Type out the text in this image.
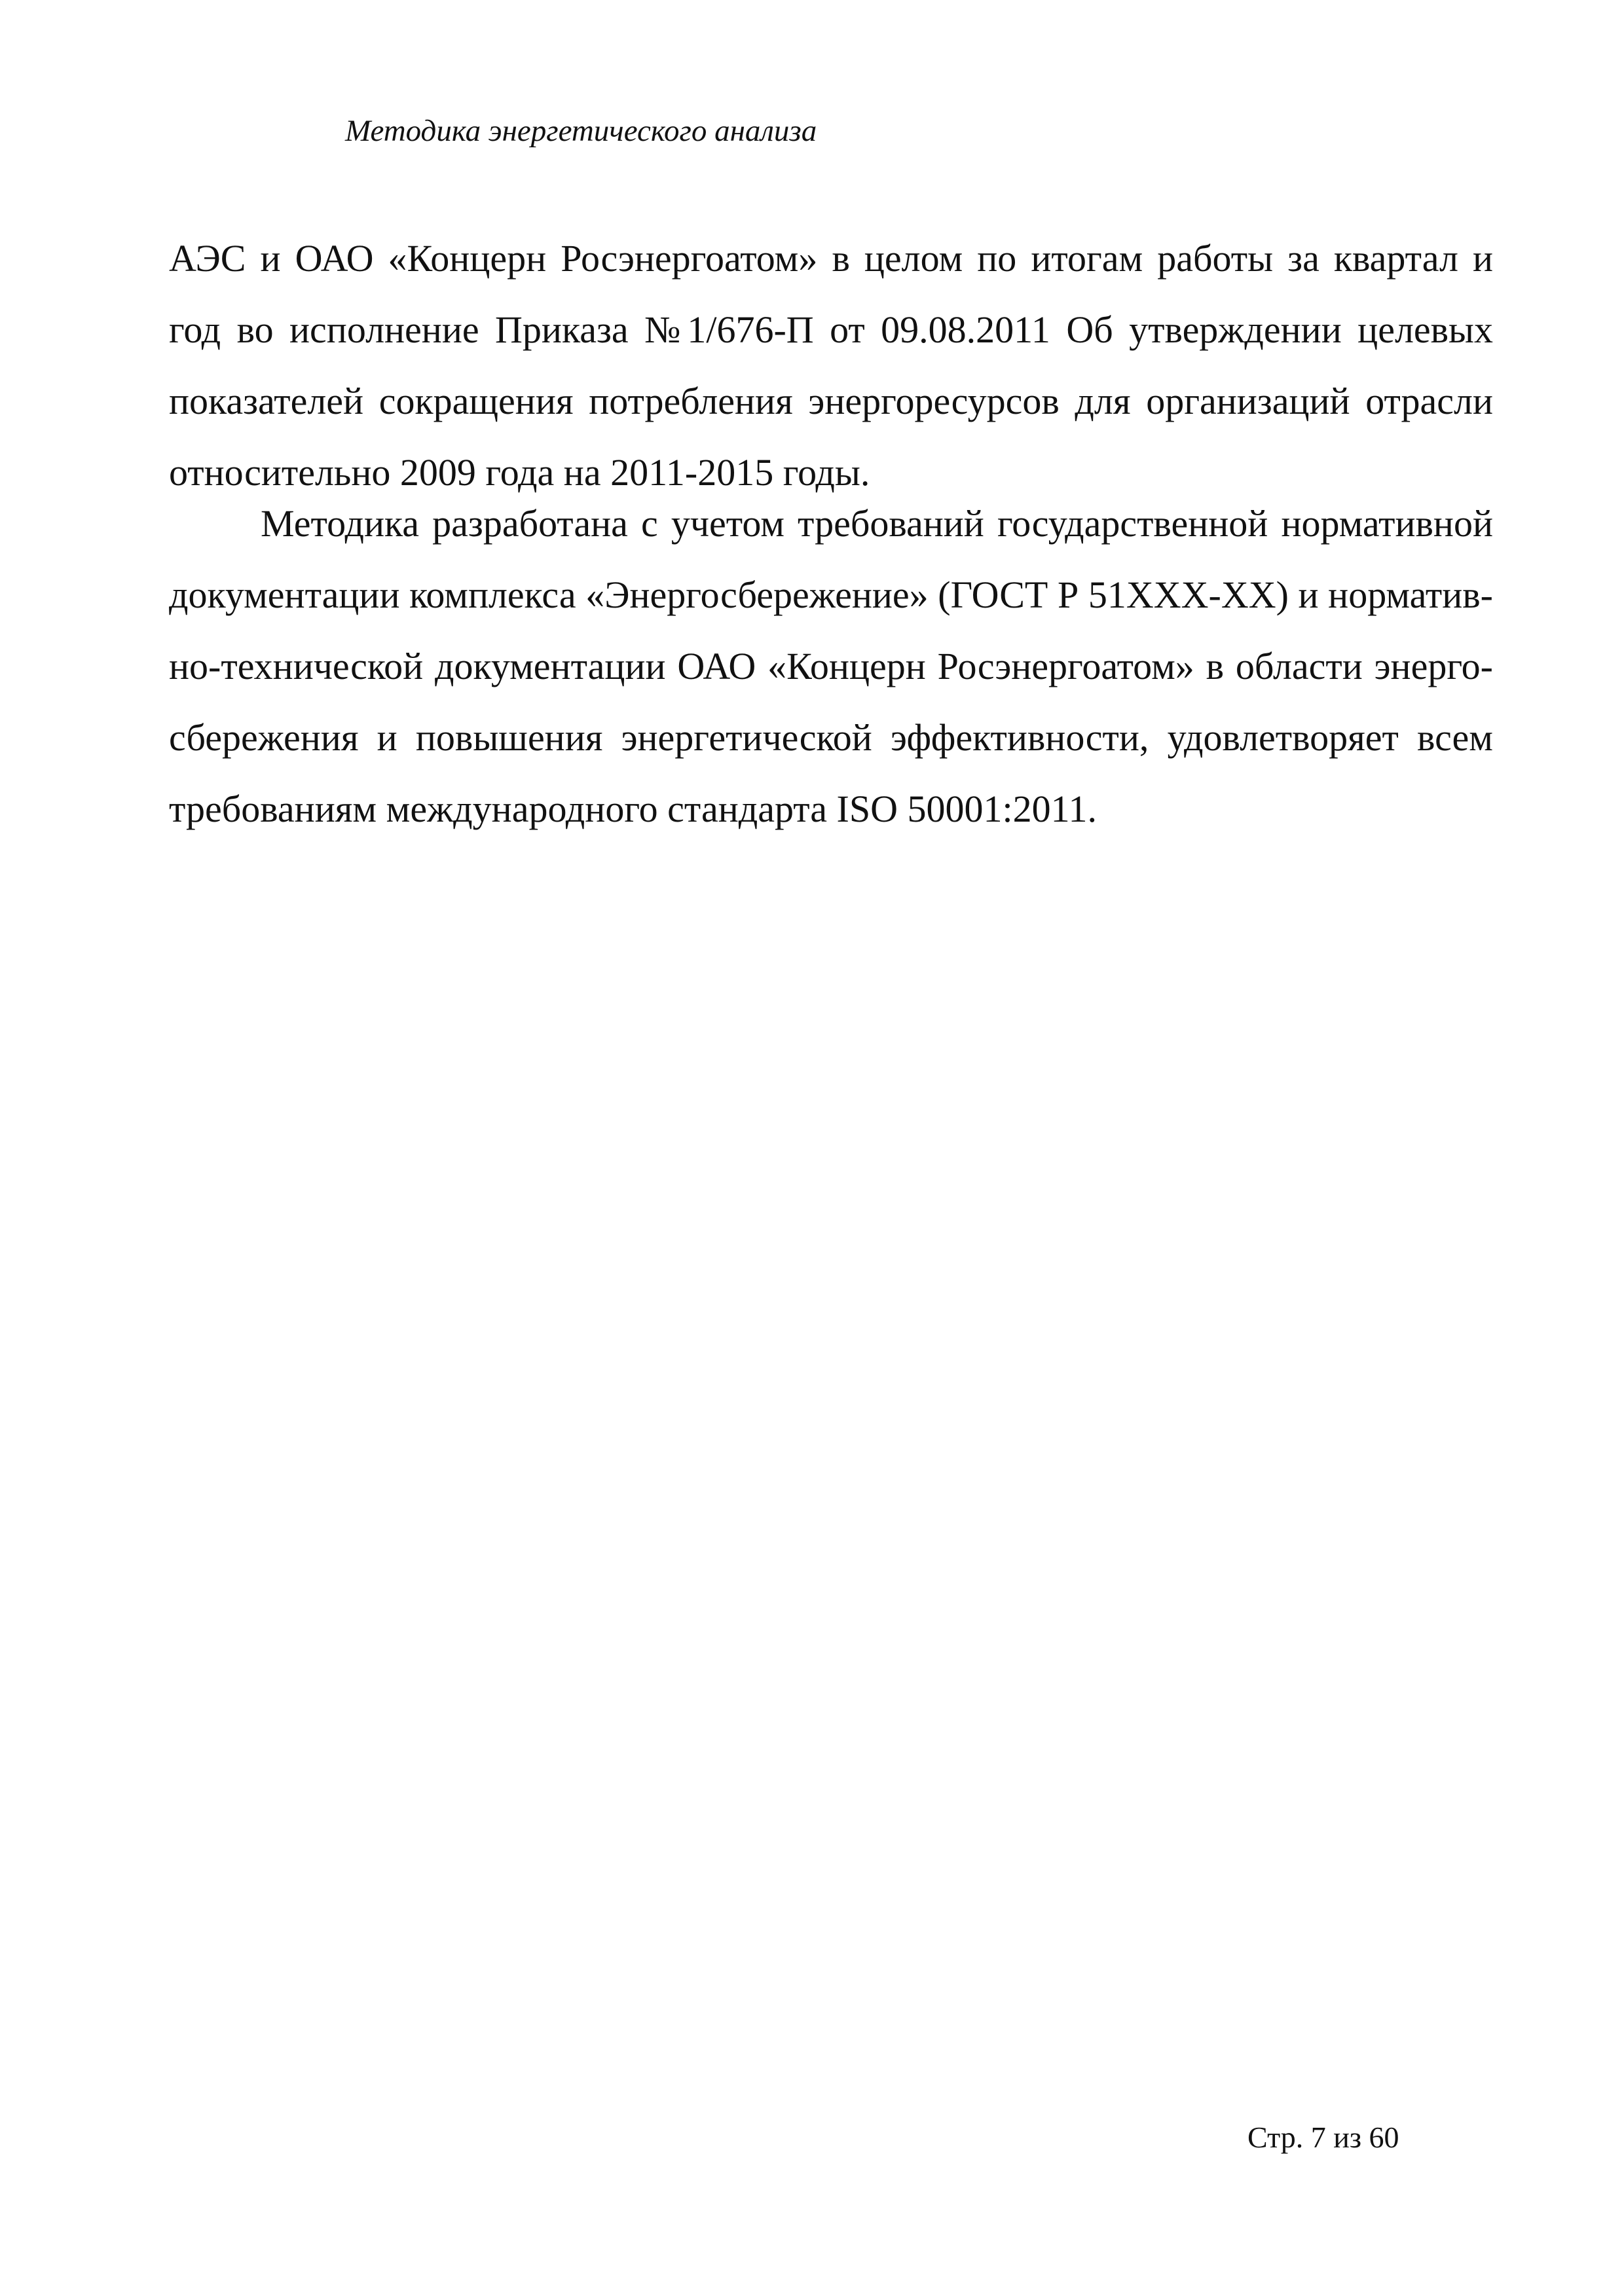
Методика энергетического анализа

АЭС и ОАО «Концерн Росэнергоатом» в целом по итогам работы за квартал и год во исполнение Приказа №1/676-П от 09.08.2011 Об утверждении целевых показателей сокращения потребления энергоресурсов для организаций отрасли относительно 2009 года на 2011-2015 годы.

Методика разработана с учетом требований государственной нормативной документации комплекса «Энергосбережение» (ГОСТ Р 51XXX-XX) и нормативно-технической документации ОАО «Концерн Росэнергоатом» в области энергосбережения и повышения энергетической эффективности, удовлетворяет всем требованиям международного стандарта ISO 50001:2011.

Стр. 7 из 60
